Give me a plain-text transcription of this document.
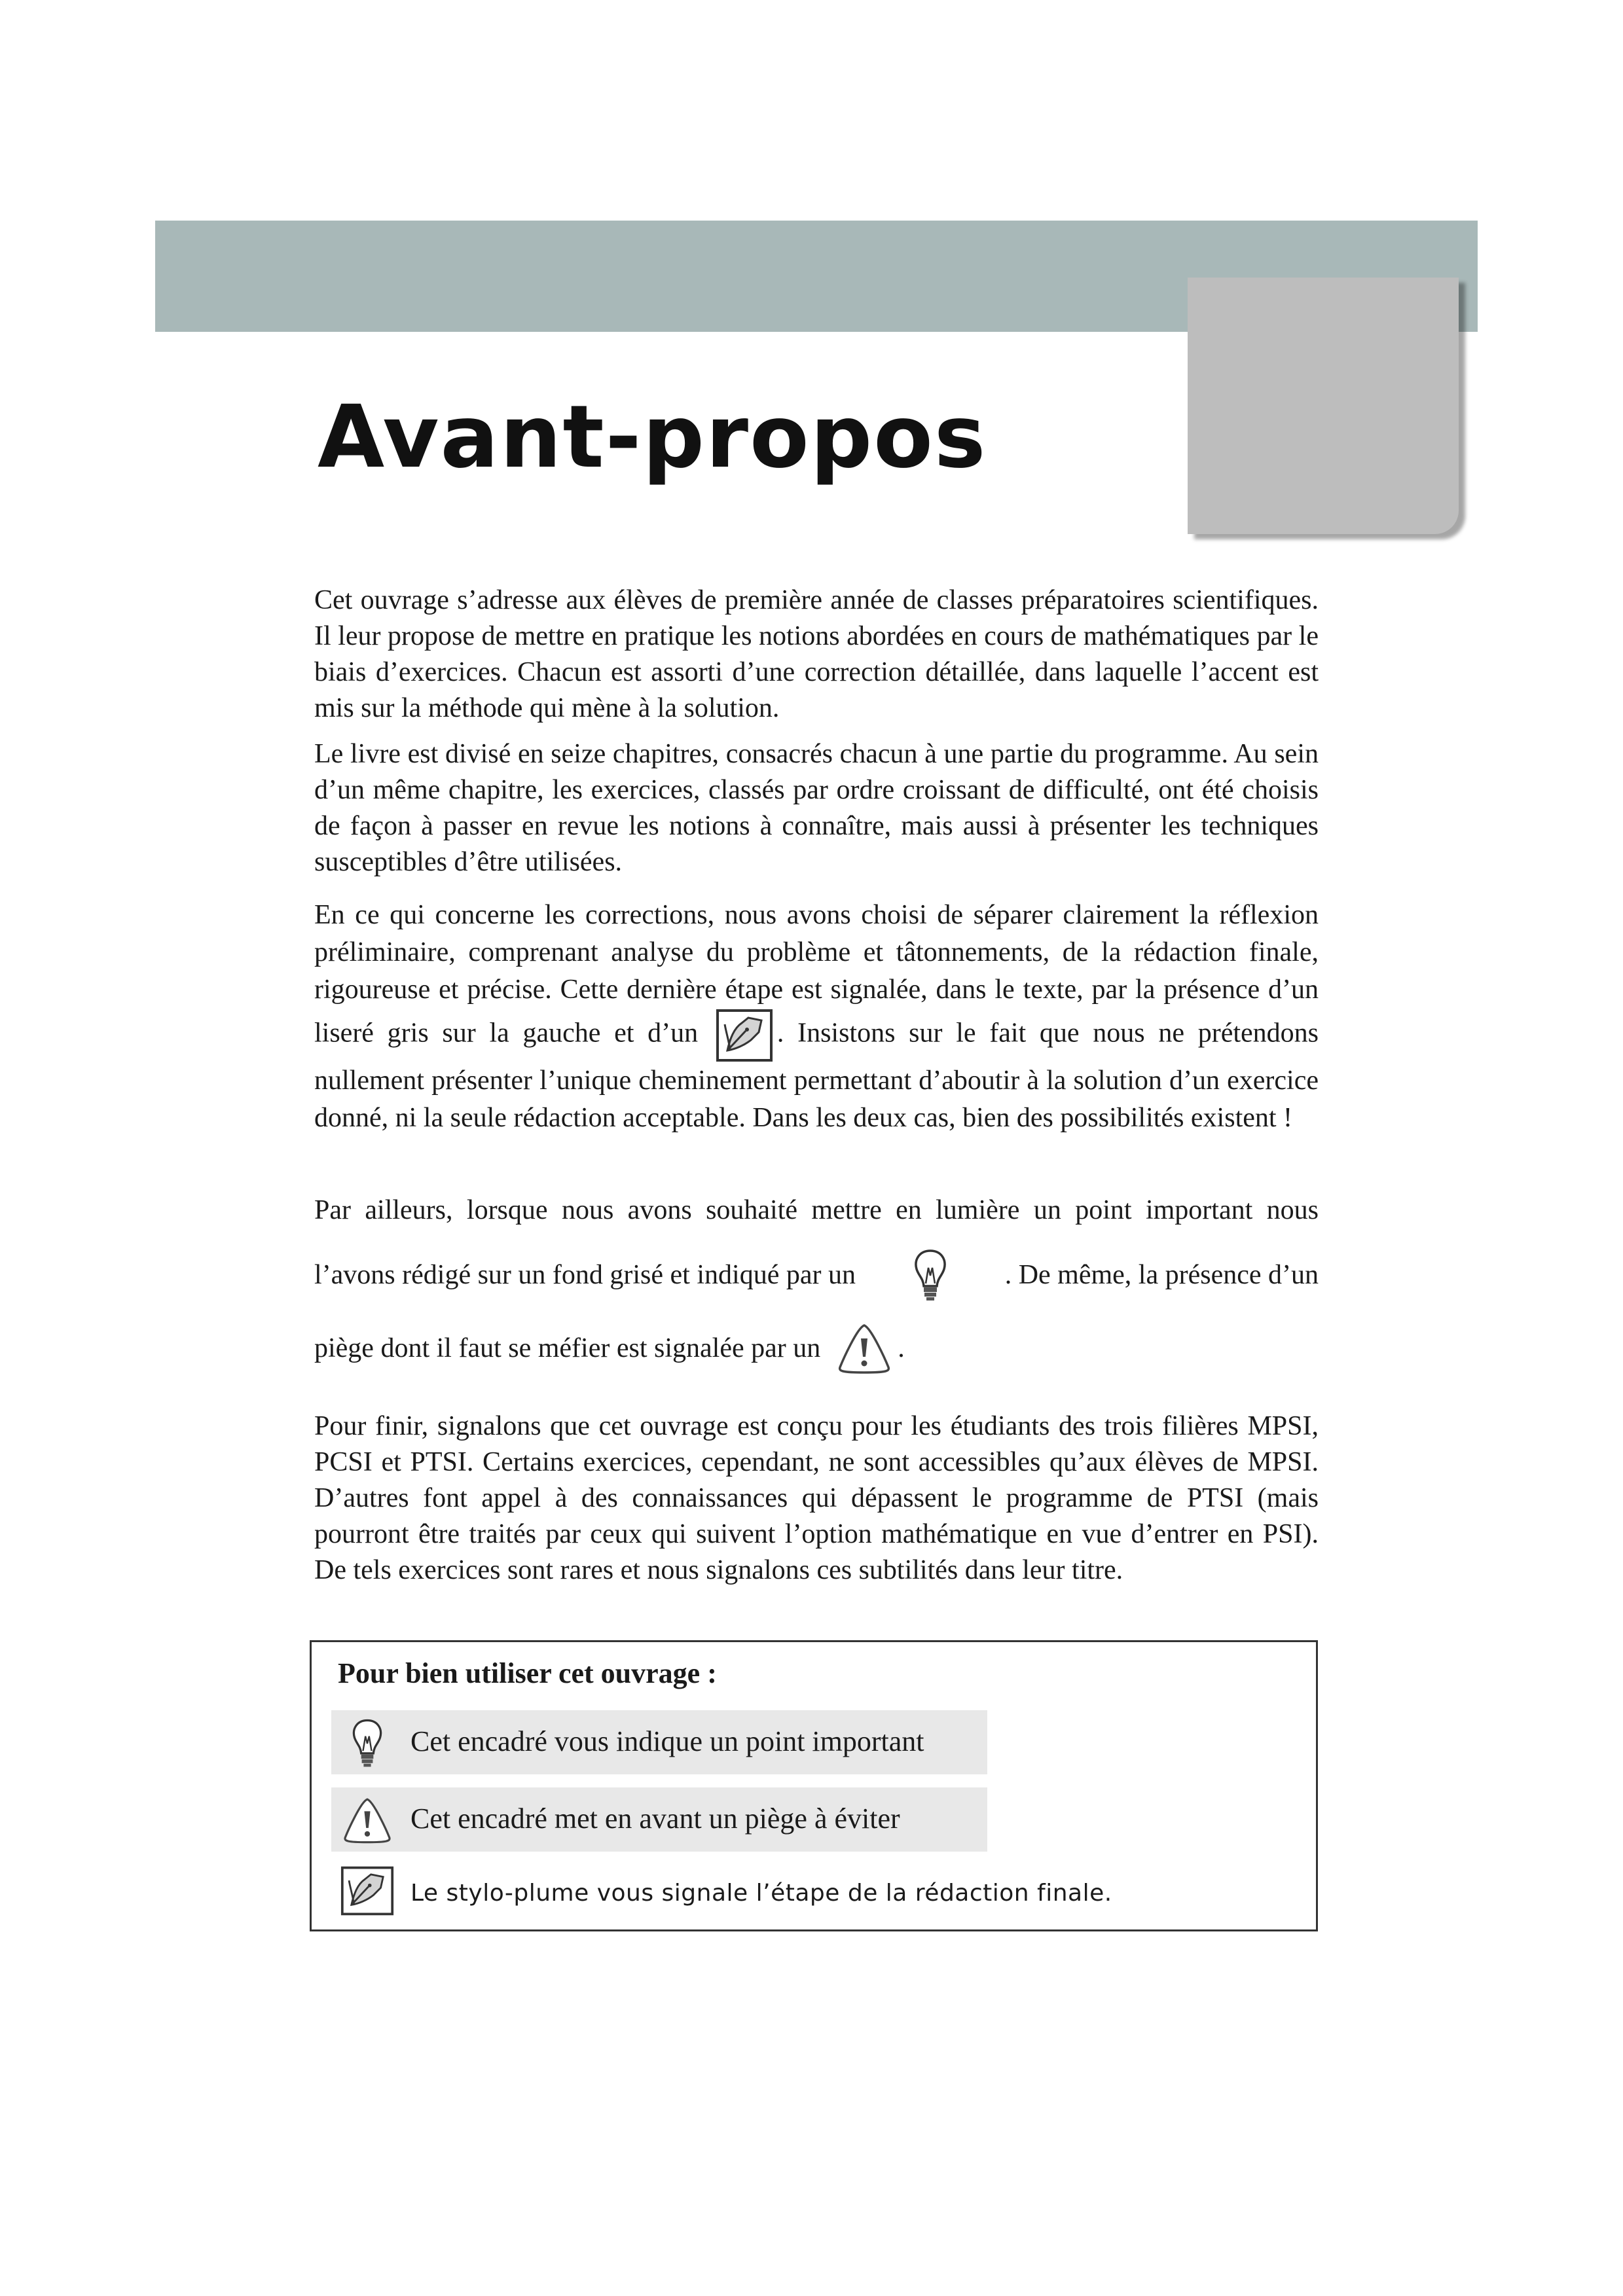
Avant-propos

Cet ouvrage s’adresse aux élèves de première année de classes préparatoires scientifiques. Il leur propose de mettre en pratique les notions abordées en cours de mathématiques par le biais d’exercices. Chacun est assorti d’une correction détaillée, dans laquelle l’accent est mis sur la méthode qui mène à la solution.

Le livre est divisé en seize chapitres, consacrés chacun à une partie du programme. Au sein d’un même chapitre, les exercices, classés par ordre croissant de difficulté, ont été choisis de façon à passer en revue les notions à connaître, mais aussi à présenter les techniques susceptibles d’être utilisées.

En ce qui concerne les corrections, nous avons choisi de séparer clairement la réflexion préliminaire, comprenant analyse du problème et tâtonnements, de la rédaction finale, rigoureuse et précise. Cette dernière étape est signalée, dans le texte, par la présence d’un liseré gris sur la gauche et d’un	. Insistons sur le fait que nous ne prétendons nullement présenter l’unique cheminement permettant d’aboutir à la solution d’un exercice donné, ni la seule rédaction acceptable. Dans les deux cas, bien des possibilités existent !

Par ailleurs, lorsque nous avons souhaité mettre en lumière un point important nous
l’avons rédigé sur un fond grisé et indiqué par un	. De même, la présence d’un
piège dont il faut se méfier est signalée par un	.

Pour finir, signalons que cet ouvrage est conçu pour les étudiants des trois filières MPSI, PCSI et PTSI. Certains exercices, cependant, ne sont accessibles qu’aux élèves de MPSI. D’autres font appel à des connaissances qui dépassent le programme de PTSI (mais pourront être traités par ceux qui suivent l’option mathématique en vue d’entrer en PSI). De tels exercices sont rares et nous signalons ces subtilités dans leur titre.

Pour bien utiliser cet ouvrage :

Cet encadré vous indique un point important
Cet encadré met en avant un piège à éviter
Le stylo-plume vous signale l’étape de la rédaction finale.
